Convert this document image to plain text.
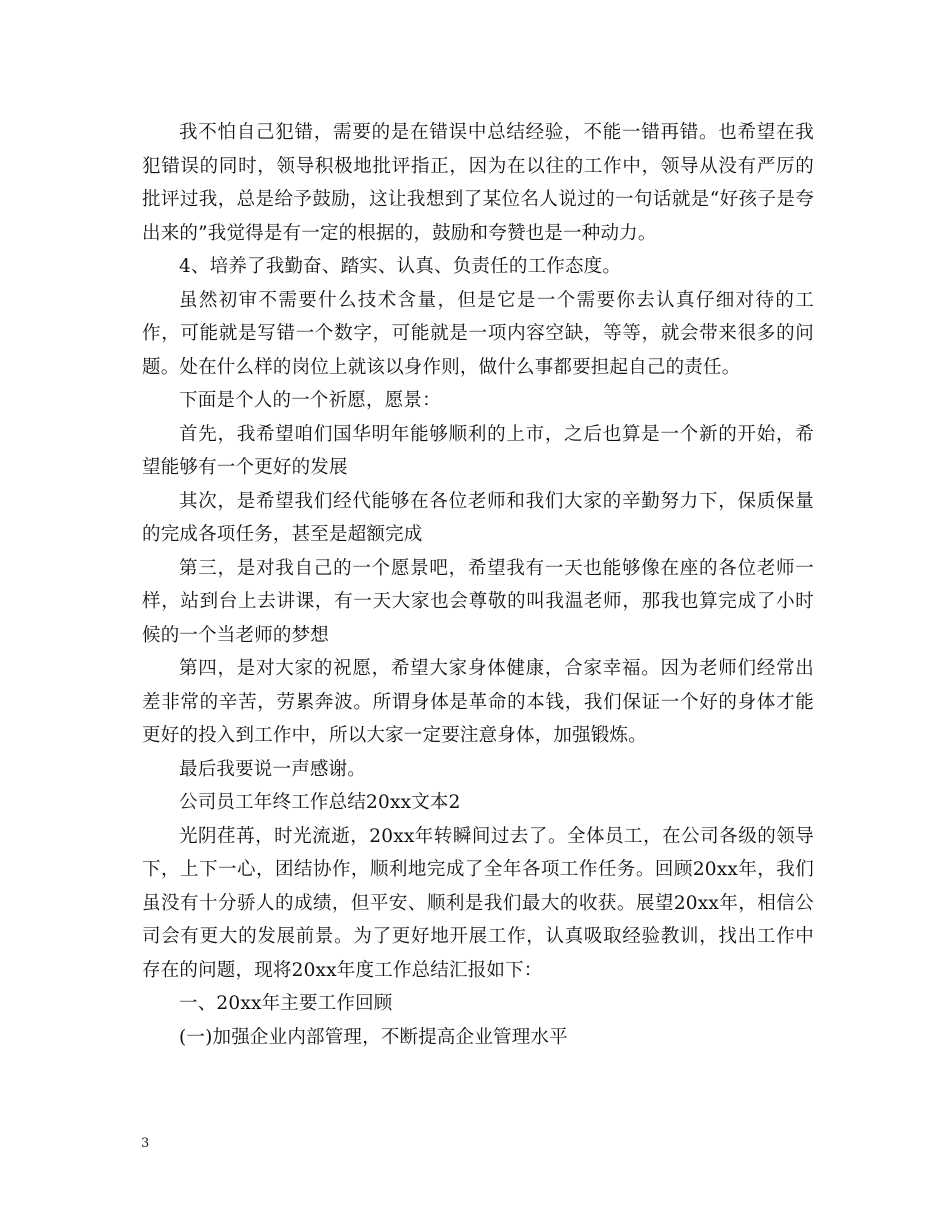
我不怕自己犯错，需要的是在错误中总结经验，不能一错再错。也希望在我犯错误的同时，领导积极地批评指正，因为在以往的工作中，领导从没有严厉的批评过我，总是给予鼓励，这让我想到了某位名人说过的一句话就是“好孩子是夸出来的”我觉得是有一定的根据的，鼓励和夸赞也是一种动力。

4、培养了我勤奋、踏实、认真、负责任的工作态度。

虽然初审不需要什么技术含量，但是它是一个需要你去认真仔细对待的工作，可能就是写错一个数字，可能就是一项内容空缺，等等，就会带来很多的问题。处在什么样的岗位上就该以身作则，做什么事都要担起自己的责任。

下面是个人的一个祈愿，愿景：

首先，我希望咱们国华明年能够顺利的上市，之后也算是一个新的开始，希望能够有一个更好的发展

其次，是希望我们经代能够在各位老师和我们大家的辛勤努力下，保质保量的完成各项任务，甚至是超额完成

第三，是对我自己的一个愿景吧，希望我有一天也能够像在座的各位老师一样，站到台上去讲课，有一天大家也会尊敬的叫我温老师，那我也算完成了小时候的一个当老师的梦想

第四，是对大家的祝愿，希望大家身体健康，合家幸福。因为老师们经常出差非常的辛苦，劳累奔波。所谓身体是革命的本钱，我们保证一个好的身体才能更好的投入到工作中，所以大家一定要注意身体，加强锻炼。

最后我要说一声感谢。

公司员工年终工作总结20xx文本2

光阴荏苒，时光流逝，20xx年转瞬间过去了。全体员工，在公司各级的领导下，上下一心，团结协作，顺利地完成了全年各项工作任务。回顾20xx年，我们虽没有十分骄人的成绩，但平安、顺利是我们最大的收获。展望20xx年，相信公司会有更大的发展前景。为了更好地开展工作，认真吸取经验教训，找出工作中存在的问题，现将20xx年度工作总结汇报如下：

一、20xx年主要工作回顾

(一)加强企业内部管理，不断提高企业管理水平

3
